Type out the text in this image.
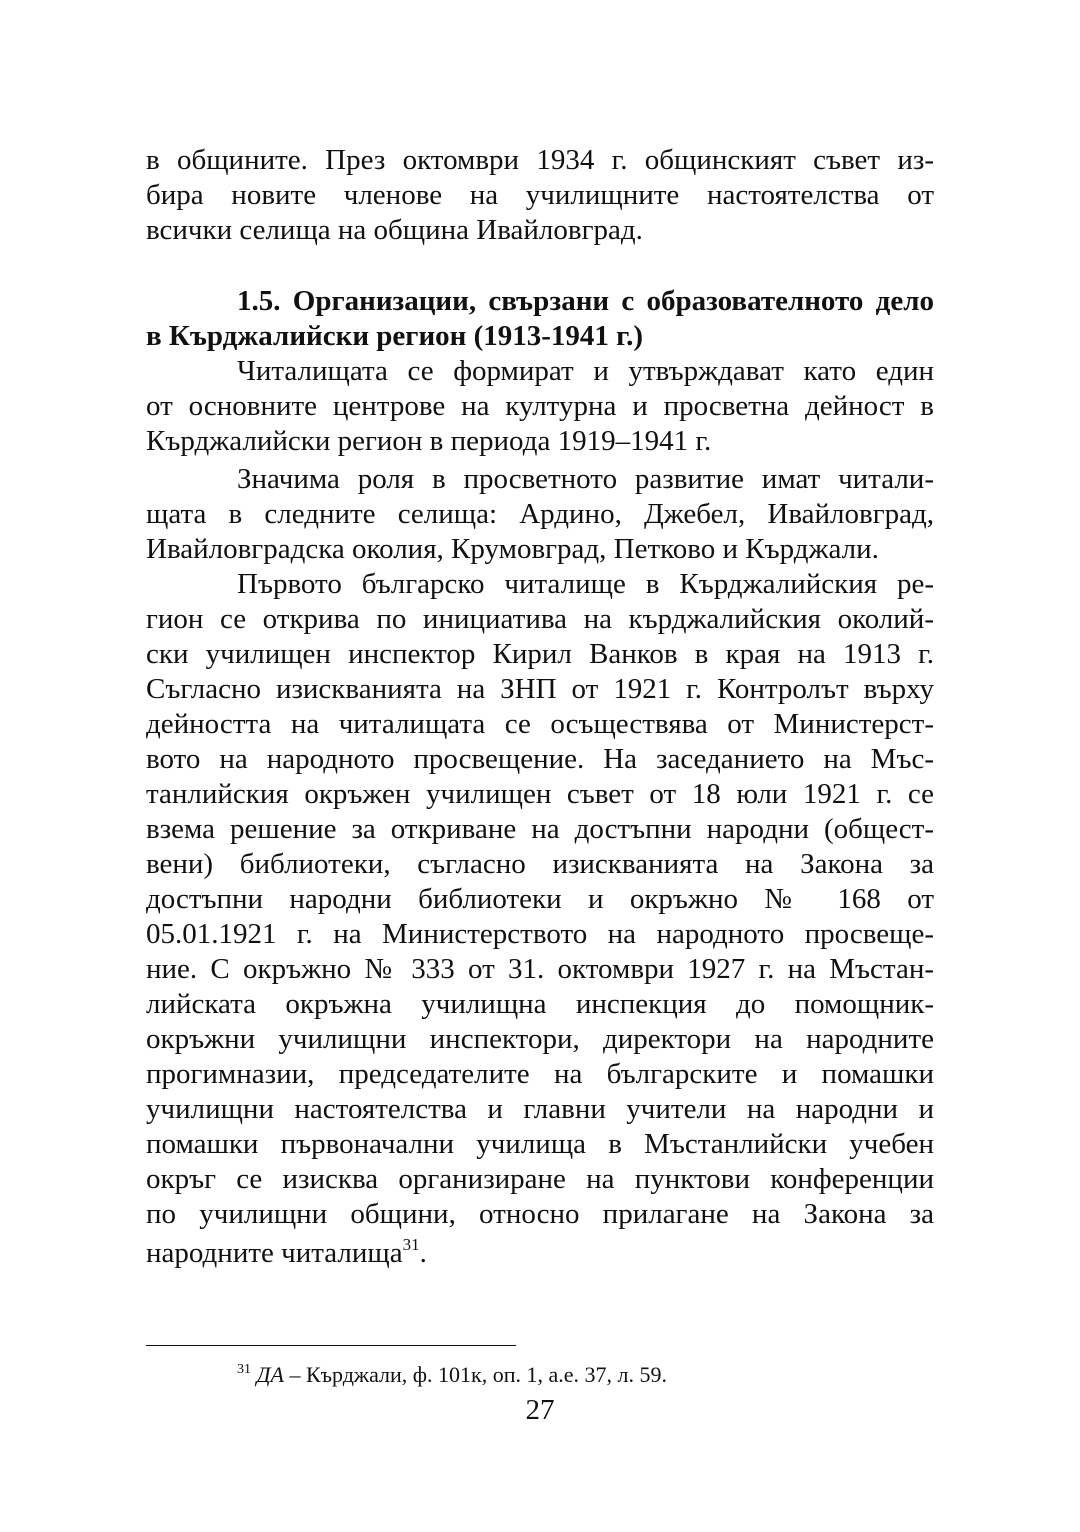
в общините. През октомври 1934 г. общинският съвет из-
бира новите членове на училищните настоятелства от
всички селища на община Ивайловград.
1.5. Организации, свързани с образователното дело
в Кърджалийски регион (1913-1941 г.)
Читалищата се формират и утвърждават като един
от основните центрове на културна и просветна дейност в
Кърджалийски регион в периода 1919–1941 г.
Значима роля в просветното развитие имат читали-
щата в следните селища: Ардино, Джебел, Ивайловград,
Ивайловградска околия, Крумовград, Петково и Кърджали.
Първото българско читалище в Кърджалийския ре-
гион се открива по инициатива на кърджалийския околий-
ски училищен инспектор Кирил Ванков в края на 1913 г.
Съгласно изискванията на ЗНП от 1921 г. Контролът върху
дейността на читалищата се осъществява от Министерст-
вото на народното просвещение. На заседанието на Мъс-
танлийския окръжен училищен съвет от 18 юли 1921 г. се
взема решение за откриване на достъпни народни (общест-
вени) библиотеки, съгласно изискванията на Закона за
достъпни народни библиотеки и окръжно № 168 от
05.01.1921 г. на Министерството на народното просвеще-
ние. С окръжно № 333 от 31. октомври 1927 г. на Мъстан-
лийската окръжна училищна инспекция до помощник-
окръжни училищни инспектори, директори на народните
прогимназии, председателите на българските и помашки
училищни настоятелства и главни учители на народни и
помашки първоначални училища в Мъстанлийски учебен
окръг се изисква организиране на пунктови конференции
по училищни общини, относно прилагане на Закона за
народните читалища$^{31}$.
$^{31}$ ДА – Кърджали, ф. 101к, оп. 1, а.е. 37, л. 59.
27
